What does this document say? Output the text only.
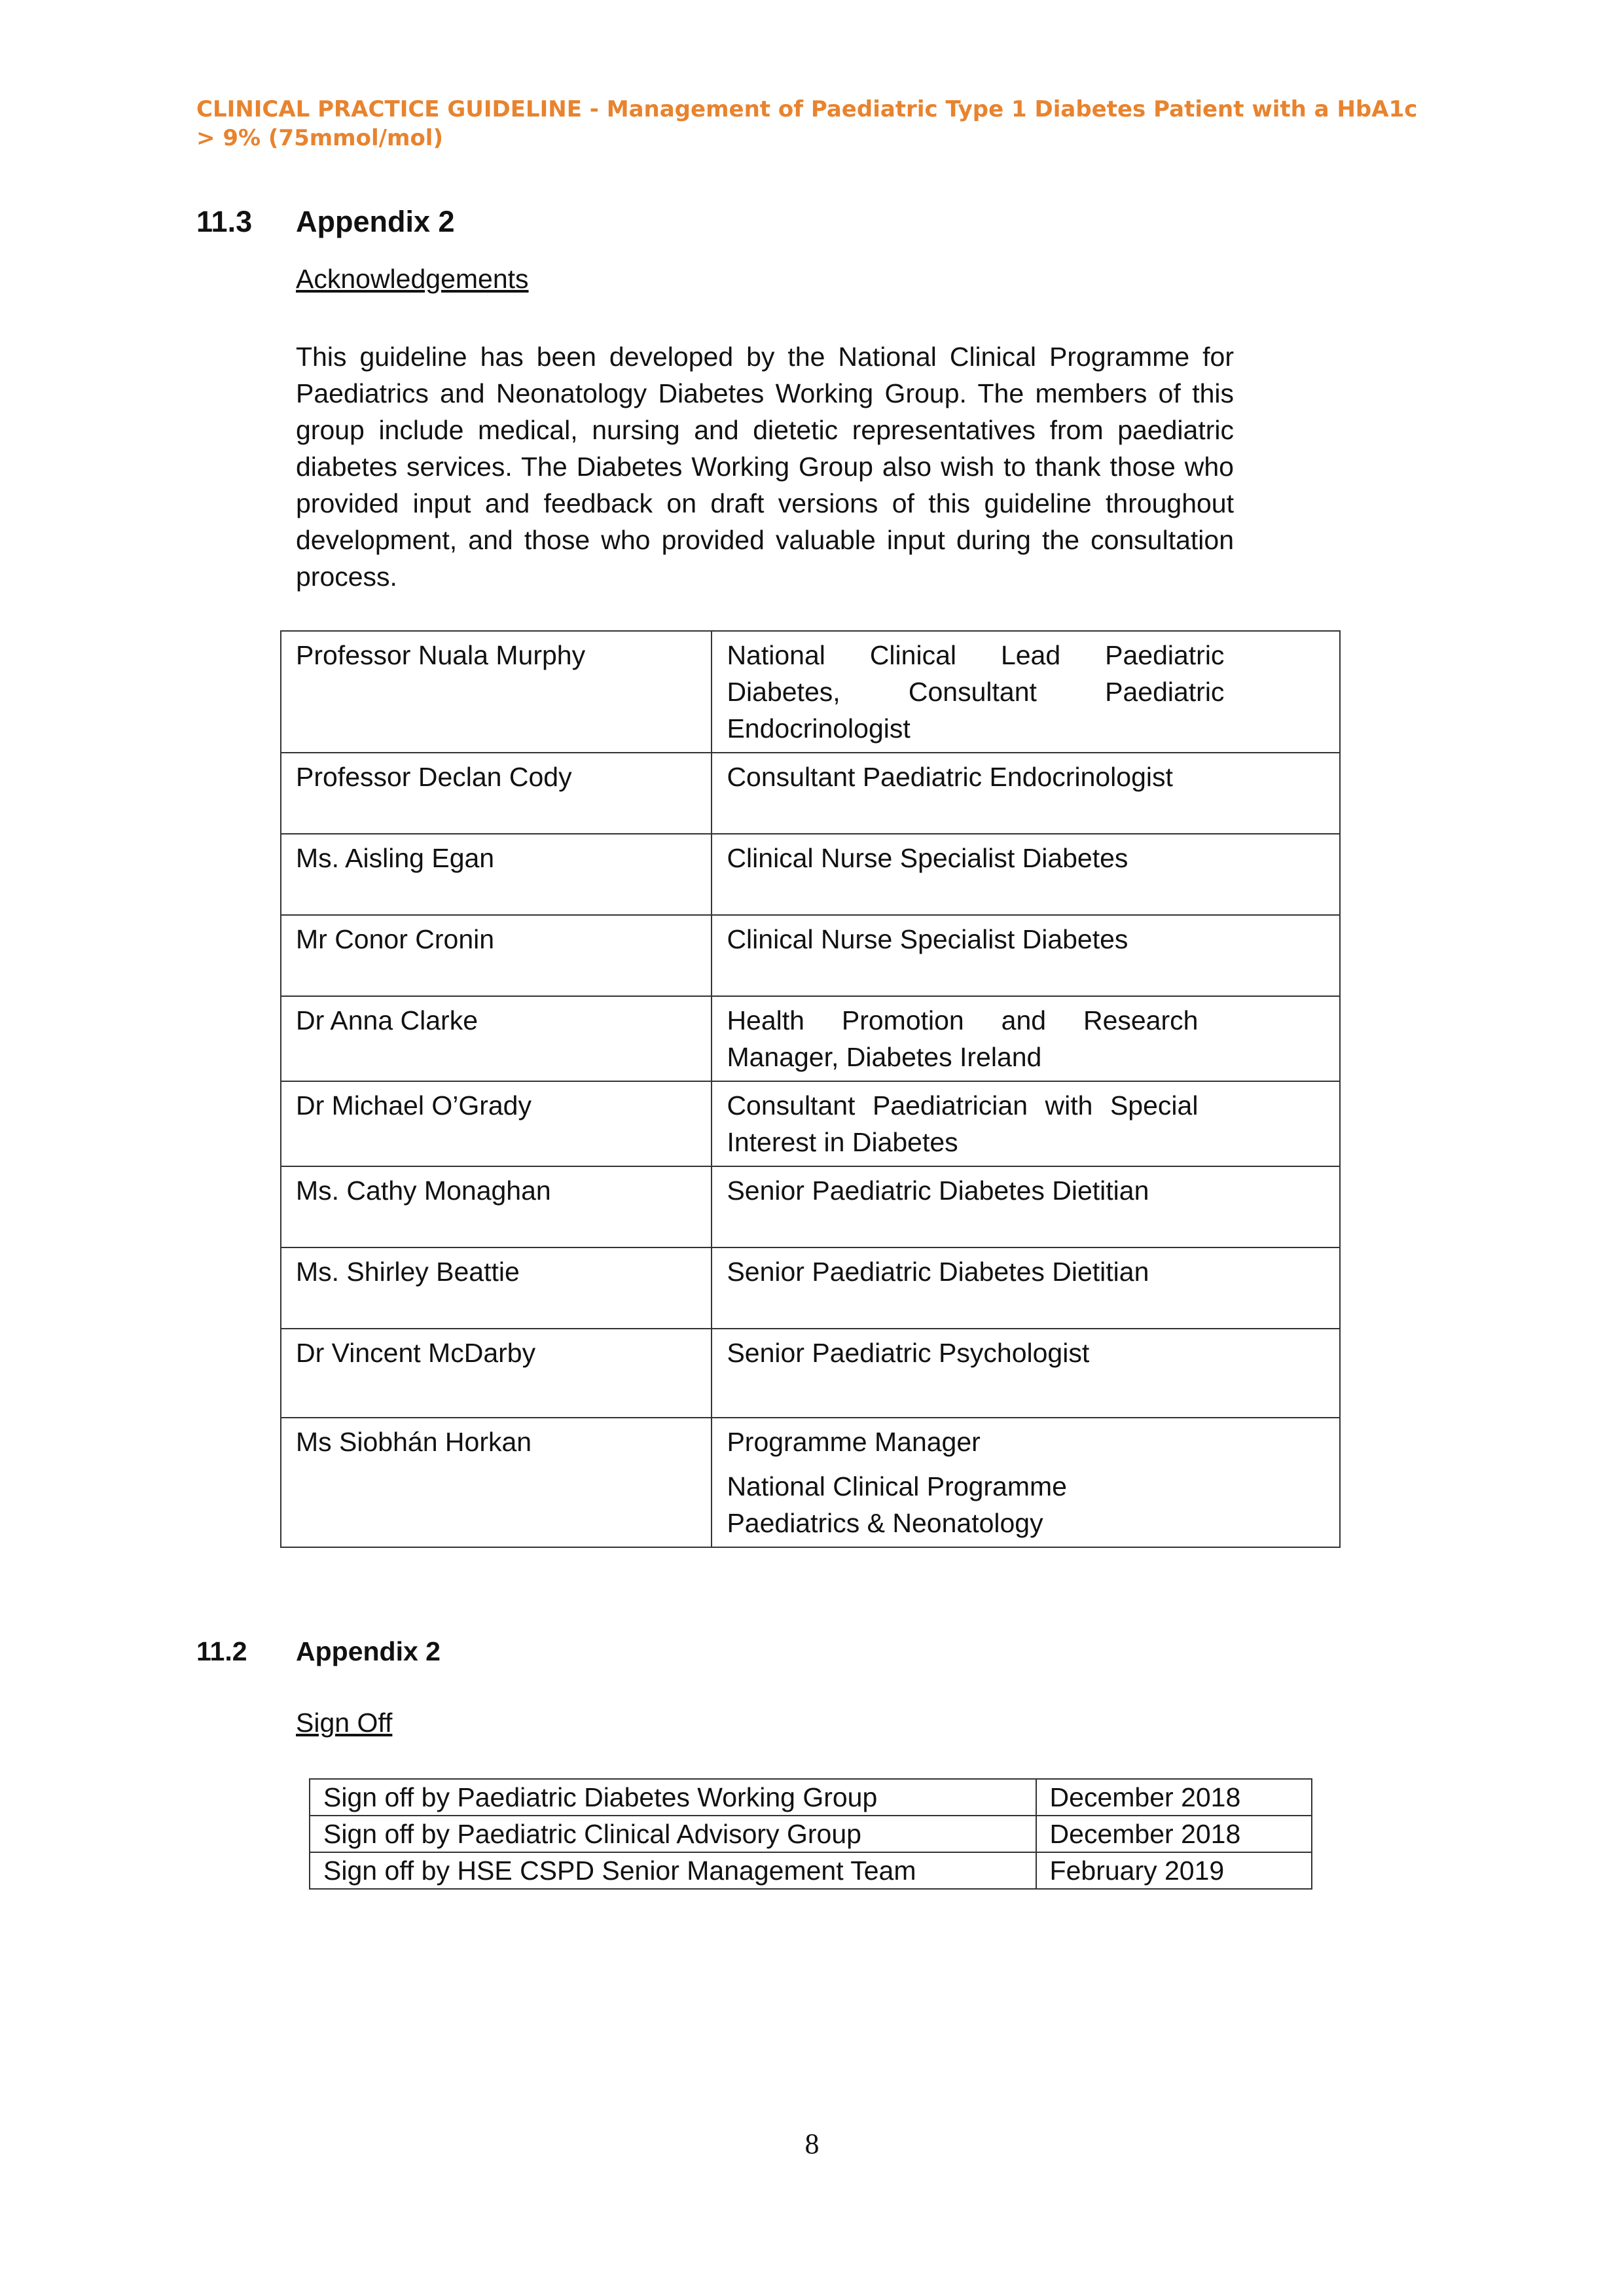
CLINICAL PRACTICE GUIDELINE - Management of Paediatric Type 1 Diabetes Patient with a HbA1c
> 9% (75mmol/mol)
11.3 Appendix 2
Acknowledgements

This guideline has been developed by the National Clinical Programme for Paediatrics and Neonatology Diabetes Working Group. The members of this group include medical, nursing and dietetic representatives from paediatric diabetes services. The Diabetes Working Group also wish to thank those who provided input and feedback on draft versions of this guideline throughout development, and those who provided valuable input during the consultation process.

Professor Nuala Murphy	National Clinical Lead Paediatric Diabetes, Consultant Paediatric Endocrinologist

Professor Declan Cody	Consultant Paediatric Endocrinologist

Ms. Aisling Egan	Clinical Nurse Specialist Diabetes

Mr Conor Cronin	Clinical Nurse Specialist Diabetes

Dr Anna Clarke	Health Promotion and Research Manager, Diabetes Ireland

Dr Michael O’Grady	Consultant Paediatrician with Special Interest in Diabetes

Ms. Cathy Monaghan	Senior Paediatric Diabetes Dietitian

Ms. Shirley Beattie	Senior Paediatric Diabetes Dietitian

Dr Vincent McDarby	Senior Paediatric Psychologist

Ms Siobhán Horkan	Programme Manager
National Clinical Programme Paediatrics & Neonatology
11.2 Appendix 2
Sign Off
Sign off by Paediatric Diabetes Working Group	December 2018
Sign off by Paediatric Clinical Advisory Group	December 2018
Sign off by HSE CSPD Senior Management Team	February 2019
8
